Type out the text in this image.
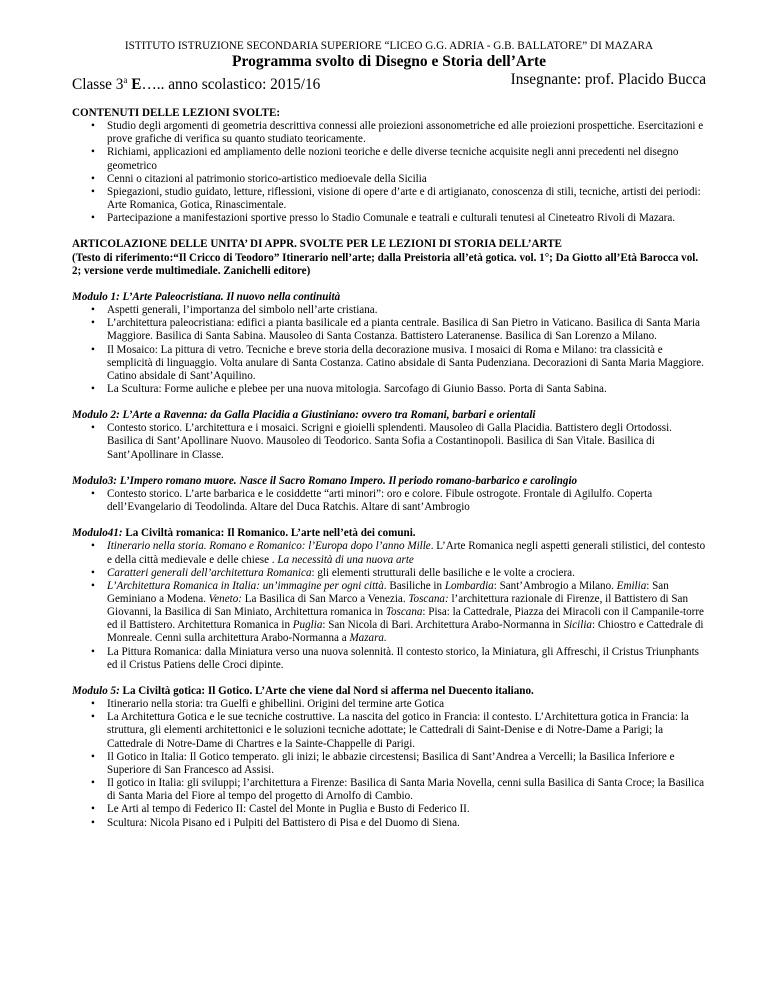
ISTITUTO ISTRUZIONE SECONDARIA SUPERIORE “LICEO G.G. ADRIA - G.B. BALLATORE” DI MAZARA
Programma svolto di Disegno e Storia dell’Arte
Classe 3$^a$ E….. anno scolastico: 2015/16	Insegnante: prof. Placido Bucca
CONTENUTI DELLE LEZIONI SVOLTE:
• Studio degli argomenti di geometria descrittiva connessi alle proiezioni assonometriche ed alle proiezioni prospettiche. Esercitazioni e prove grafiche di verifica su quanto studiato teoricamente.
• Richiami, applicazioni ed ampliamento delle nozioni teoriche e delle diverse tecniche acquisite negli anni precedenti nel disegno geometrico
• Cenni o citazioni al patrimonio storico-artistico medioevale della Sicilia
• Spiegazioni, studio guidato, letture, riflessioni, visione di opere d’arte e di artigianato, conoscenza di stili, tecniche, artisti dei periodi: Arte Romanica, Gotica, Rinascimentale.
• Partecipazione a manifestazioni sportive presso lo Stadio Comunale e teatrali e culturali tenutesi al Cineteatro Rivoli di Mazara.
ARTICOLAZIONE DELLE UNITA’ DI APPR. SVOLTE PER LE LEZIONI DI STORIA DELL’ARTE
(Testo di riferimento:“Il Cricco di Teodoro” Itinerario nell’arte; dalla Preistoria all’età gotica. vol. 1°; Da Giotto all’Età Barocca vol. 2; versione verde multimediale. Zanichelli editore)
Modulo 1: L’Arte Paleocristiana. Il nuovo nella continuità
• Aspetti generali, l’importanza del simbolo nell’arte cristiana.
• L’architettura paleocristiana: edifici a pianta basilicale ed a pianta centrale. Basilica di San Pietro in Vaticano. Basilica di Santa Maria Maggiore. Basilica di Santa Sabina. Mausoleo di Santa Costanza. Battistero Lateranense. Basilica di San Lorenzo a Milano.
• Il Mosaico: La pittura di vetro. Tecniche e breve storia della decorazione musiva. I mosaici di Roma e Milano: tra classicità e semplicità di linguaggio. Volta anulare di Santa Costanza. Catino absidale di Santa Pudenziana. Decorazioni di Santa Maria Maggiore. Catino absidale di Sant’Aquilino.
• La Scultura: Forme auliche e plebee per una nuova mitologia. Sarcofago di Giunio Basso. Porta di Santa Sabina.
Modulo 2: L’Arte a Ravenna: da Galla Placidia a Giustiniano: ovvero tra Romani, barbari e orientali
• Contesto storico. L’architettura e i mosaici. Scrigni e gioielli splendenti. Mausoleo di Galla Placidia. Battistero degli Ortodossi. Basilica di Sant’Apollinare Nuovo. Mausoleo di Teodorico. Santa Sofia a Costantinopoli. Basilica di San Vitale. Basilica di Sant’Apollinare in Classe.
Modulo3: L’Impero romano muore. Nasce il Sacro Romano Impero. Il periodo romano-barbarico e carolingio
• Contesto storico. L’arte barbarica e le cosiddette “arti minori”: oro e colore. Fibule ostrogote. Frontale di Agilulfo. Coperta dell’Evangelario di Teodolinda. Altare del Duca Ratchis. Altare di sant’Ambrogio
Modulo41: La Civiltà romanica: Il Romanico. L’arte nell’età dei comuni.
• Itinerario nella storia. Romano e Romanico: l’Europa dopo l’anno Mille. L’Arte Romanica negli aspetti generali stilistici, del contesto e della città medievale e delle chiese . La necessità di una nuova arte
• Caratteri generali dell’architettura Romanica: gli elementi strutturali delle basiliche e le volte a crociera.
• L’Architettura Romanica in Italia: un’immagine per ogni città. Basiliche in Lombardia: Sant’Ambrogio a Milano. Emilia: San Geminiano a Modena. Veneto: La Basilica di San Marco a Venezia. Toscana: l’architettura razionale di Firenze, il Battistero di San Giovanni, la Basilica di San Miniato, Architettura romanica in Toscana: Pisa: la Cattedrale, Piazza dei Miracoli con il Campanile-torre ed il Battistero. Architettura Romanica in Puglia: San Nicola di Bari. Architettura Arabo-Normanna in Sicilia: Chiostro e Cattedrale di Monreale. Cenni sulla architettura Arabo-Normanna a Mazara.
• La Pittura Romanica: dalla Miniatura verso una nuova solennità. Il contesto storico, la Miniatura, gli Affreschi, il Cristus Triunphants ed il Cristus Patiens delle Croci dipinte.
Modulo 5: La Civiltà gotica: Il Gotico. L’Arte che viene dal Nord si afferma nel Duecento italiano.
• Itinerario nella storia: tra Guelfi e ghibellini. Origini del termine arte Gotica
• La Architettura Gotica e le sue tecniche costruttive. La nascita del gotico in Francia: il contesto. L’Architettura gotica in Francia: la struttura, gli elementi architettonici e le soluzioni tecniche adottate; le Cattedrali di Saint-Denise e di Notre-Dame a Parigi; la Cattedrale di Notre-Dame di Chartres e la Sainte-Chappelle di Parigi.
• Il Gotico in Italia: Il Gotico temperato. gli inizi; le abbazie circestensi; Basilica di Sant’Andrea a Vercelli; la Basilica Inferiore e Superiore di San Francesco ad Assisi.
• Il gotico in Italia: gli sviluppi; l’architettura a Firenze: Basilica di Santa Maria Novella, cenni sulla Basilica di Santa Croce; la Basilica di Santa Maria del Fiore al tempo del progetto di Arnolfo di Cambio.
• Le Arti al tempo di Federico II: Castel del Monte in Puglia e Busto di Federico II.
• Scultura: Nicola Pisano ed i Pulpiti del Battistero di Pisa e del Duomo di Siena.
